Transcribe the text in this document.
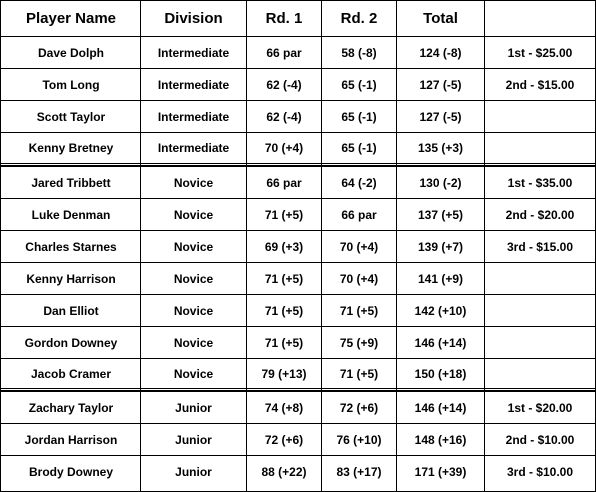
Player Name	Division	Rd. 1	Rd. 2	Total
Dave Dolph	Intermediate	66 par	58 (-8)	124 (-8)	1st - $25.00
Tom Long	Intermediate	62 (-4)	65 (-1)	127 (-5)	2nd - $15.00
Scott Taylor	Intermediate	62 (-4)	65 (-1)	127 (-5)
Kenny Bretney	Intermediate	70 (+4)	65 (-1)	135 (+3)
Jared Tribbett	Novice	66 par	64 (-2)	130 (-2)	1st - $35.00
Luke Denman	Novice	71 (+5)	66 par	137 (+5)	2nd - $20.00
Charles Starnes	Novice	69 (+3)	70 (+4)	139 (+7)	3rd - $15.00
Kenny Harrison	Novice	71 (+5)	70 (+4)	141 (+9)
Dan Elliot	Novice	71 (+5)	71 (+5)	142 (+10)
Gordon Downey	Novice	71 (+5)	75 (+9)	146 (+14)
Jacob Cramer	Novice	79 (+13)	71 (+5)	150 (+18)
Zachary Taylor	Junior	74 (+8)	72 (+6)	146 (+14)	1st - $20.00
Jordan Harrison	Junior	72 (+6)	76 (+10)	148 (+16)	2nd - $10.00
Brody Downey	Junior	88 (+22)	83 (+17)	171 (+39)	3rd - $10.00
